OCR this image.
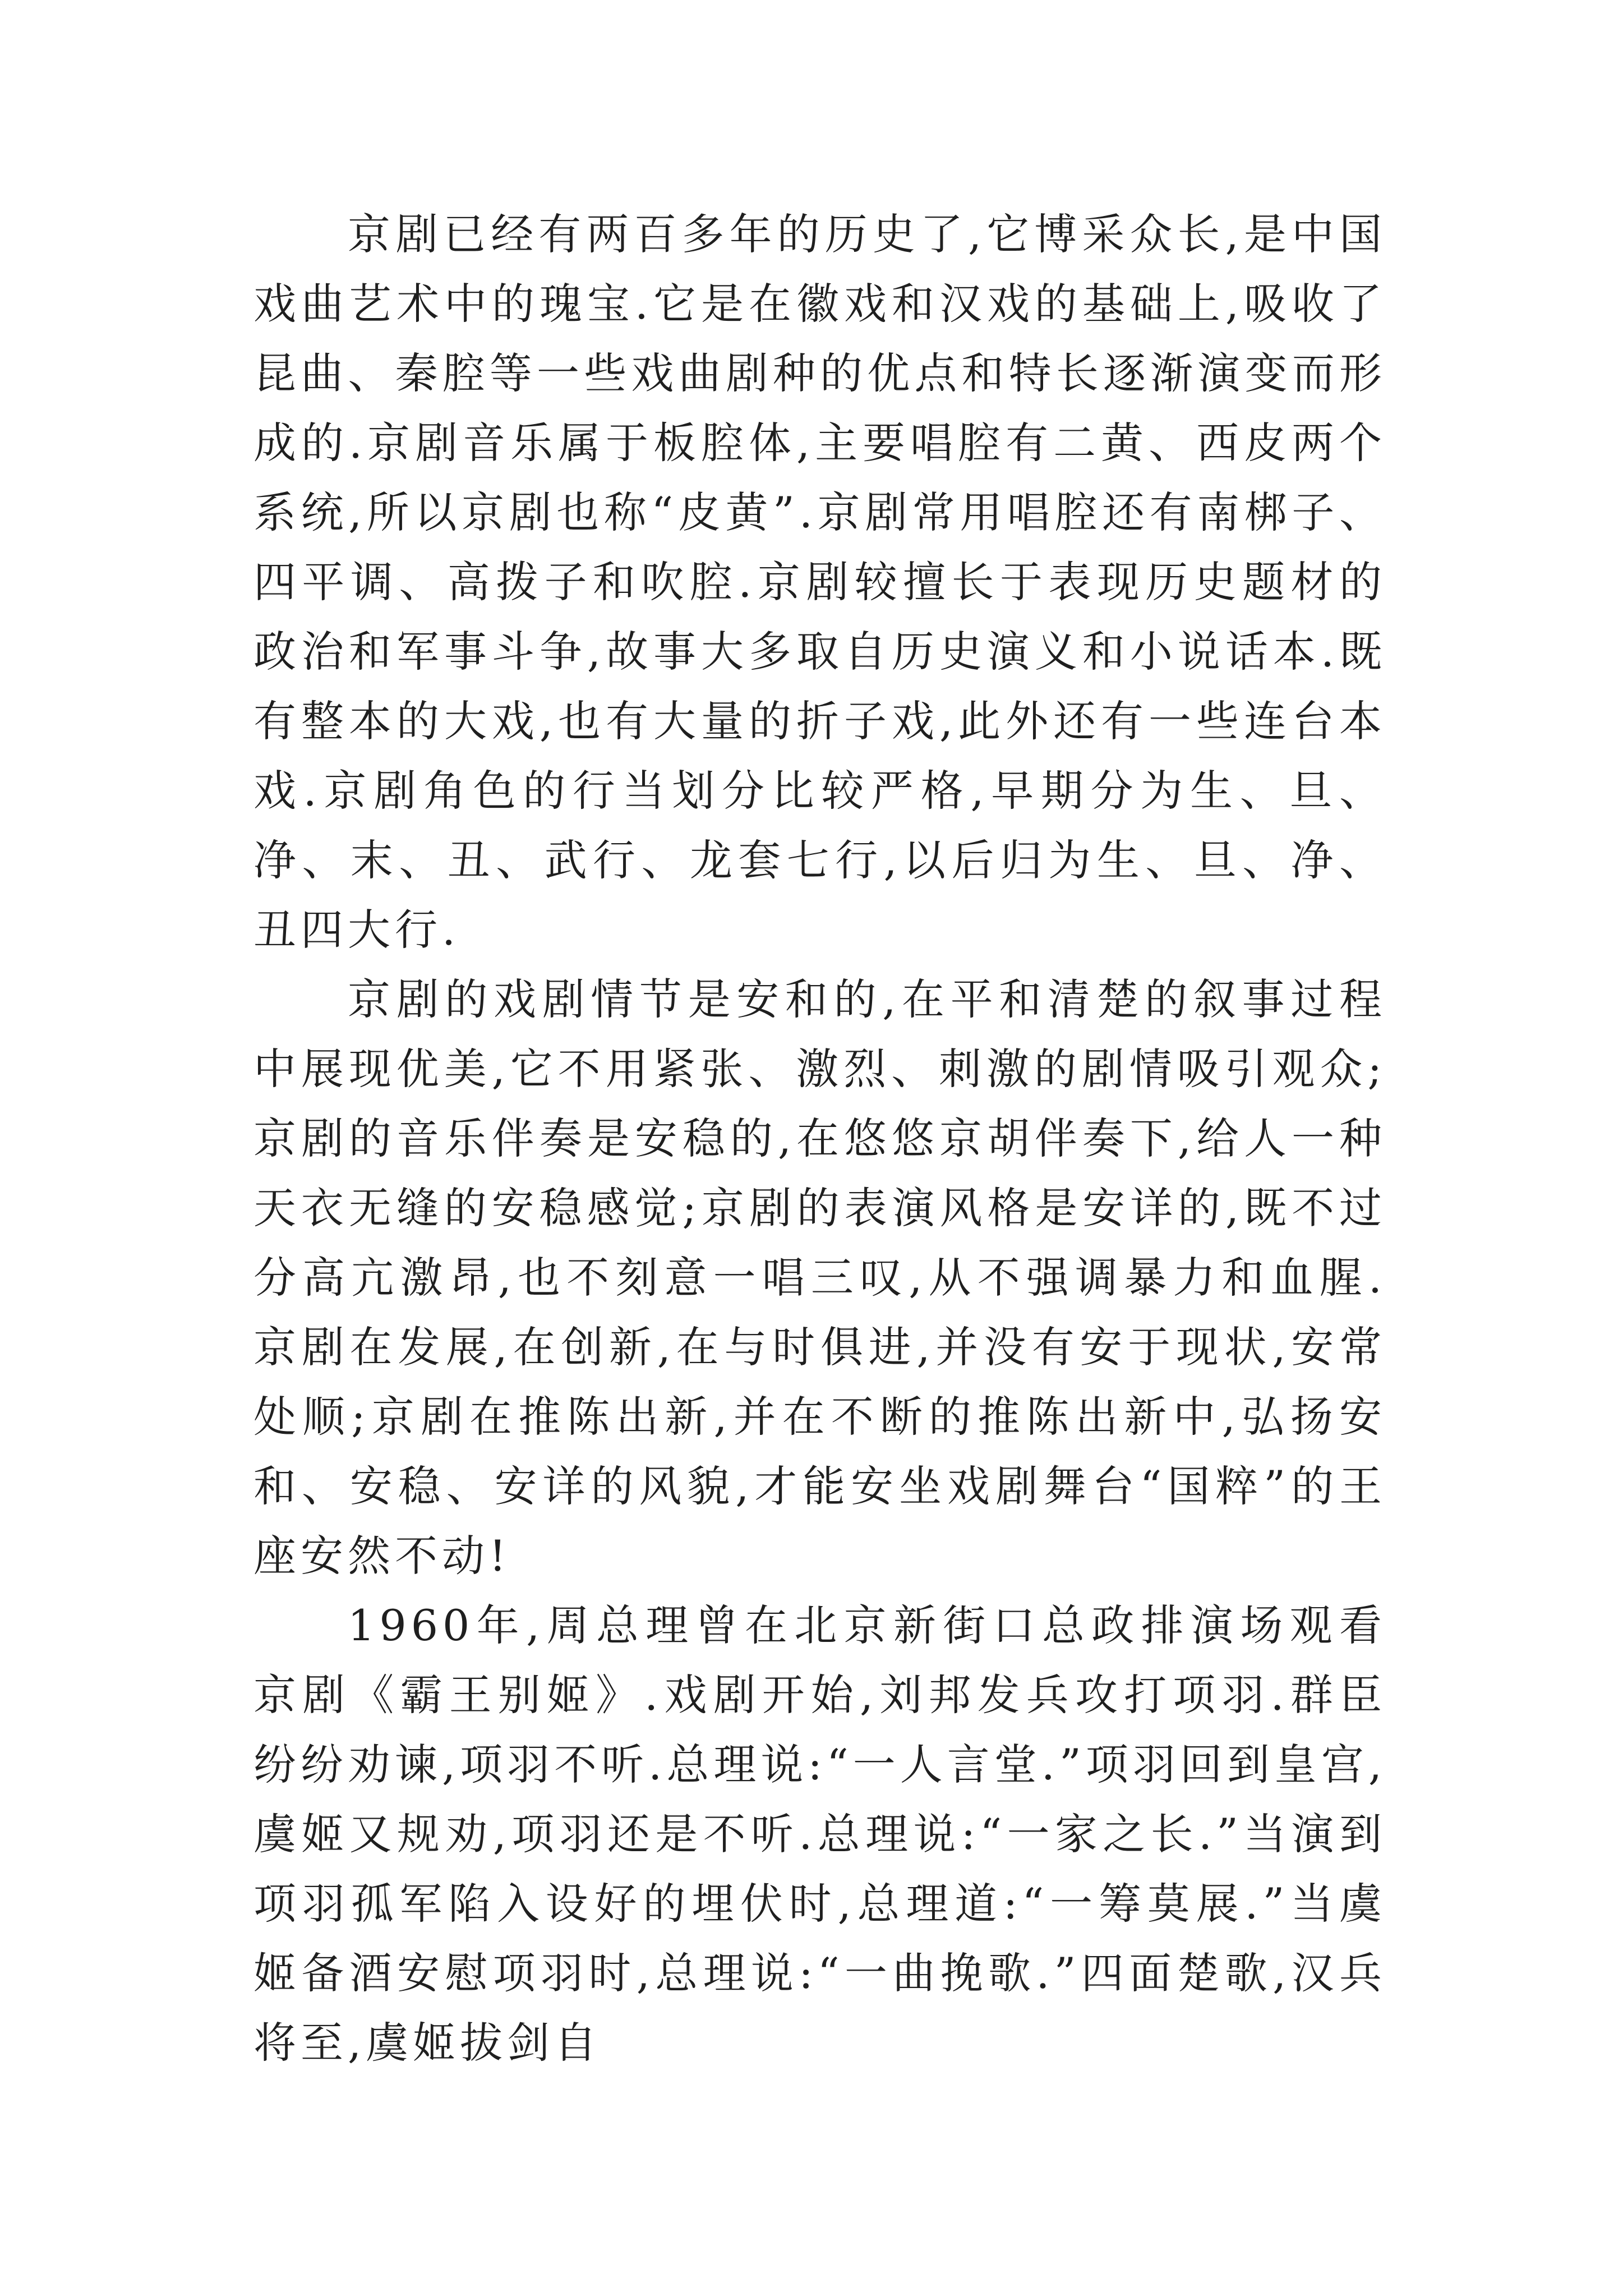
京剧已经有两百多年的历史了,它博采众长,是中国戏曲艺术中的瑰宝.它是在徽戏和汉戏的基础上,吸收了昆曲、秦腔等一些戏曲剧种的优点和特长逐渐演变而形成的.京剧音乐属于板腔体,主要唱腔有二黄、西皮两个系统,所以京剧也称“皮黄”.京剧常用唱腔还有南梆子、四平调、高拨子和吹腔.京剧较擅长于表现历史题材的政治和军事斗争,故事大多取自历史演义和小说话本.既有整本的大戏,也有大量的折子戏,此外还有一些连台本戏.京剧角色的行当划分比较严格,早期分为生、旦、净、末、丑、武行、龙套七行,以后归为生、旦、净、丑四大行.

京剧的戏剧情节是安和的,在平和清楚的叙事过程中展现优美,它不用紧张、激烈、刺激的剧情吸引观众;京剧的音乐伴奏是安稳的,在悠悠京胡伴奏下,给人一种天衣无缝的安稳感觉;京剧的表演风格是安详的,既不过分高亢激昂,也不刻意一唱三叹,从不强调暴力和血腥.京剧在发展,在创新,在与时俱进,并没有安于现状,安常处顺;京剧在推陈出新,并在不断的推陈出新中,弘扬安和、安稳、安详的风貌,才能安坐戏剧舞台“国粹”的王座安然不动!

1960年,周总理曾在北京新街口总政排演场观看京剧《霸王别姬》.戏剧开始,刘邦发兵攻打项羽.群臣纷纷劝谏,项羽不听.总理说:“一人言堂.”项羽回到皇宫,虞姬又规劝,项羽还是不听.总理说:“一家之长.”当演到项羽孤军陷入设好的埋伏时,总理道:“一筹莫展.”当虞姬备酒安慰项羽时,总理说:“一曲挽歌.”四面楚歌,汉兵将至,虞姬拔剑自
